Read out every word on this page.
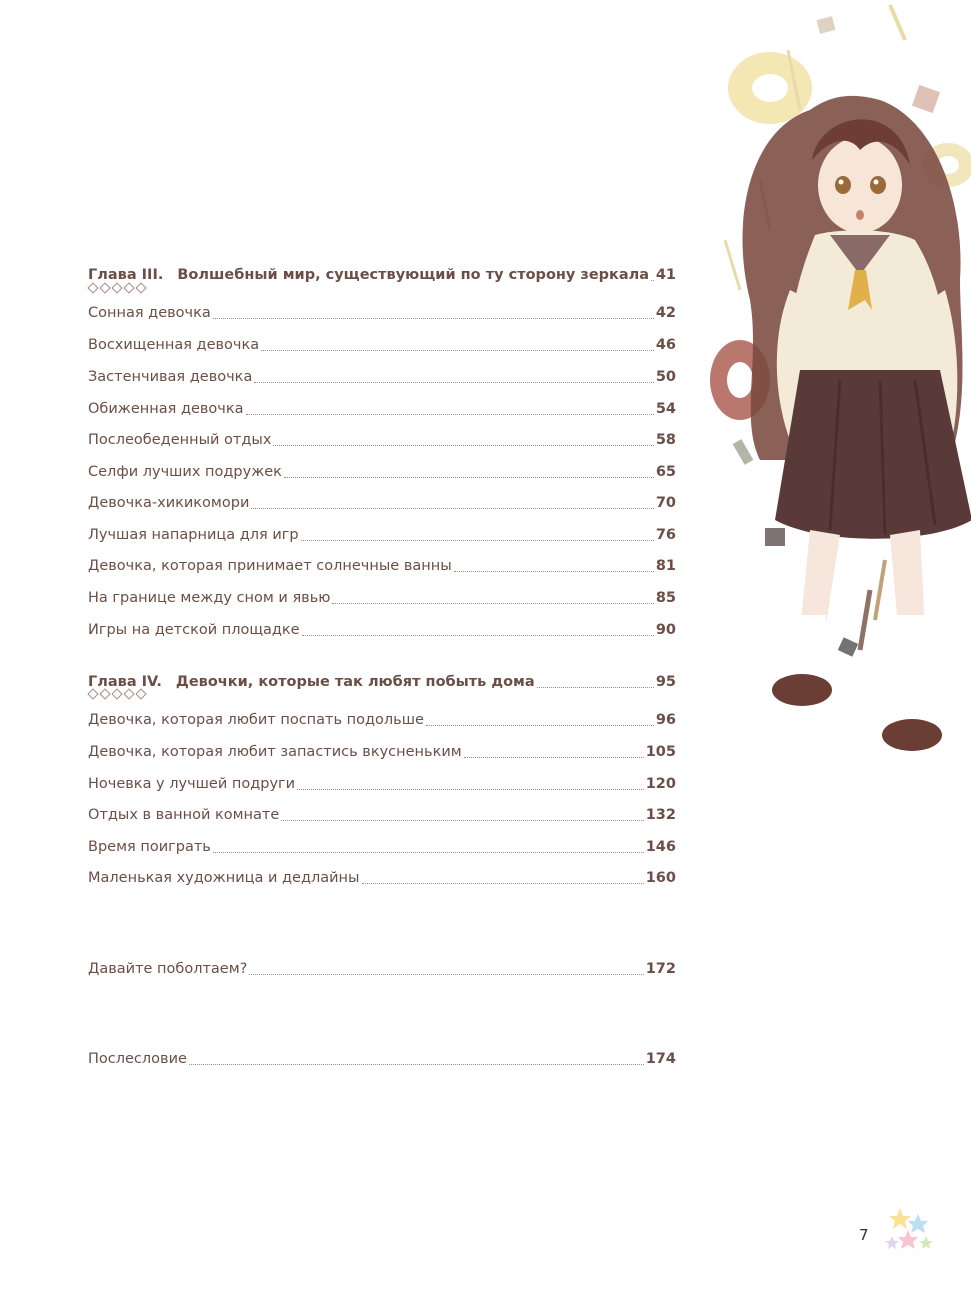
Глава III. Волшебный мир, существующий по ту сторону зеркала 41
Сонная девочка	42
Восхищенная девочка	46
Застенчивая девочка	50
Обиженная девочка	54
Послеобеденный отдых	58
Селфи лучших подружек	65
Девочка-хикикомори	70
Лучшая напарница для игр	76
Девочка, которая принимает солнечные ванны	81
На границе между сном и явью	85
Игры на детской площадке	90
Глава IV. Девочки, которые так любят побыть дома	95
Девочка, которая любит поспать подольше	96
Девочка, которая любит запастись вкусненьким	105
Ночевка у лучшей подруги	120
Отдых в ванной комнате	132
Время поиграть	146
Маленькая художница и дедлайны	160
Давайте поболтаем?	172
Послесловие	174
7
